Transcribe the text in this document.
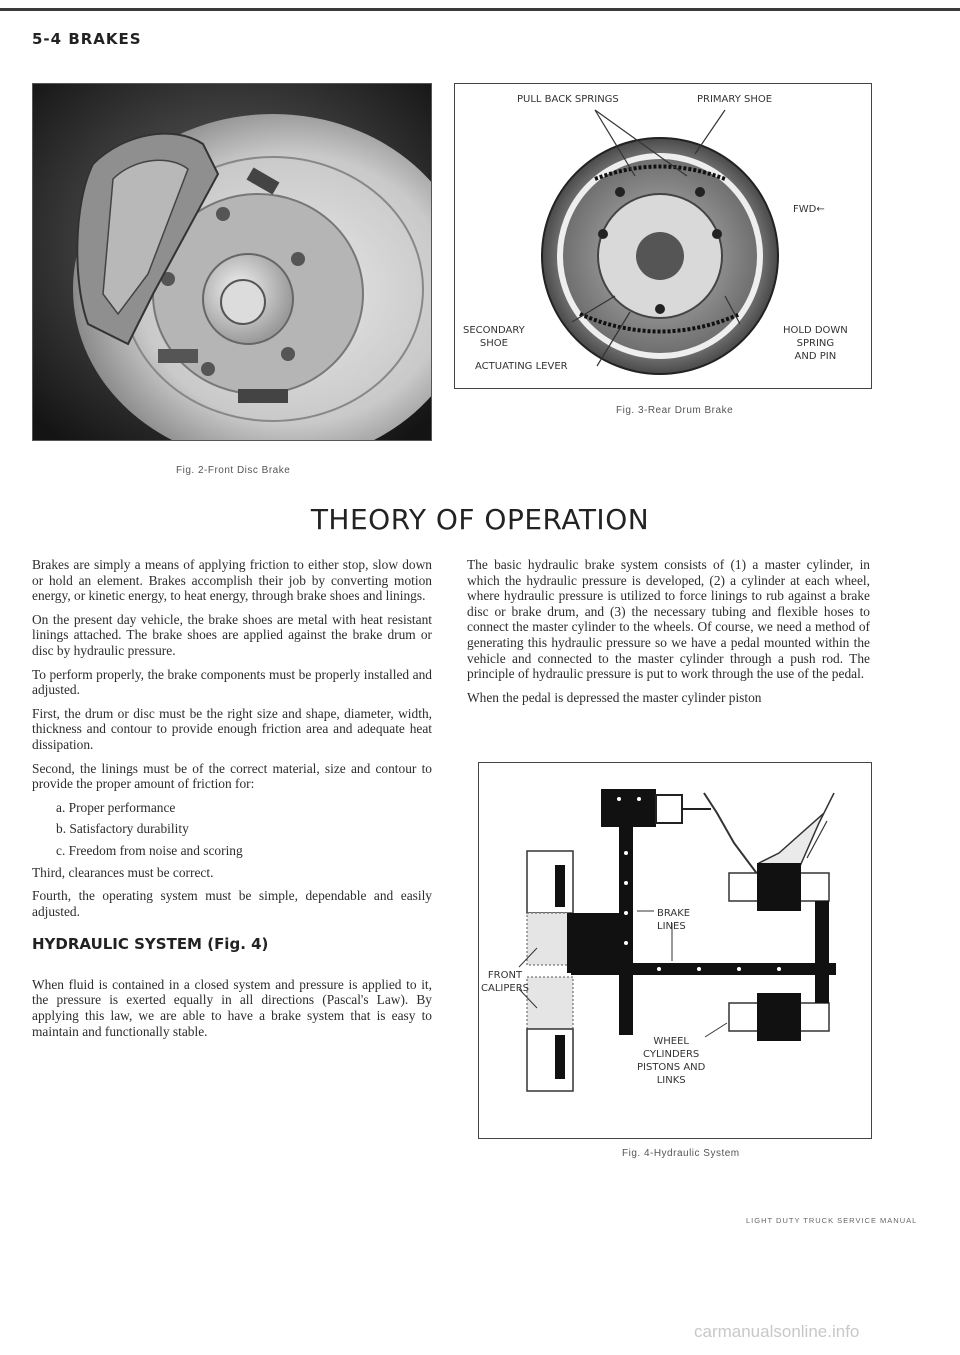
5-4 BRAKES
Fig. 2-Front Disc Brake
PULL BACK SPRINGS	PRIMARY SHOE
FWD←
SECONDARY
SHOE
HOLD DOWN
SPRING
AND PIN
ACTUATING LEVER
Fig. 3-Rear Drum Brake
THEORY OF OPERATION

Brakes are simply a means of applying friction to either stop, slow down or hold an element. Brakes accomplish their job by converting motion energy, or kinetic energy, to heat energy, through brake shoes and linings.

On the present day vehicle, the brake shoes are metal with heat resistant linings attached. The brake shoes are applied against the brake drum or disc by hydraulic pressure.

To perform properly, the brake components must be properly installed and adjusted.

First, the drum or disc must be the right size and shape, diameter, width, thickness and contour to provide enough friction area and adequate heat dissipation.

Second, the linings must be of the correct material, size and contour to provide the proper amount of friction for:

a. Proper performance
b. Satisfactory durability
c. Freedom from noise and scoring

Third, clearances must be correct.

Fourth, the operating system must be simple, dependable and easily adjusted.

HYDRAULIC SYSTEM (Fig. 4)

When fluid is contained in a closed system and pressure is applied to it, the pressure is exerted equally in all directions (Pascal's Law). By applying this law, we are able to have a brake system that is easy to maintain and functionally stable.

The basic hydraulic brake system consists of (1) a master cylinder, in which the hydraulic pressure is developed, (2) a cylinder at each wheel, where hydraulic pressure is utilized to force linings to rub against a brake disc or brake drum, and (3) the necessary tubing and flexible hoses to connect the master cylinder to the wheels. Of course, we need a method of generating this hydraulic pressure so we have a pedal mounted within the vehicle and connected to the master cylinder through a push rod. The principle of hydraulic pressure is put to work through the use of the pedal.

When the pedal is depressed the master cylinder piston

BRAKE
LINES
FRONT
CALIPERS
WHEEL
CYLINDERS
PISTONS AND
LINKS
Fig. 4-Hydraulic System
LIGHT DUTY TRUCK SERVICE MANUAL
carmanualsonline.info
